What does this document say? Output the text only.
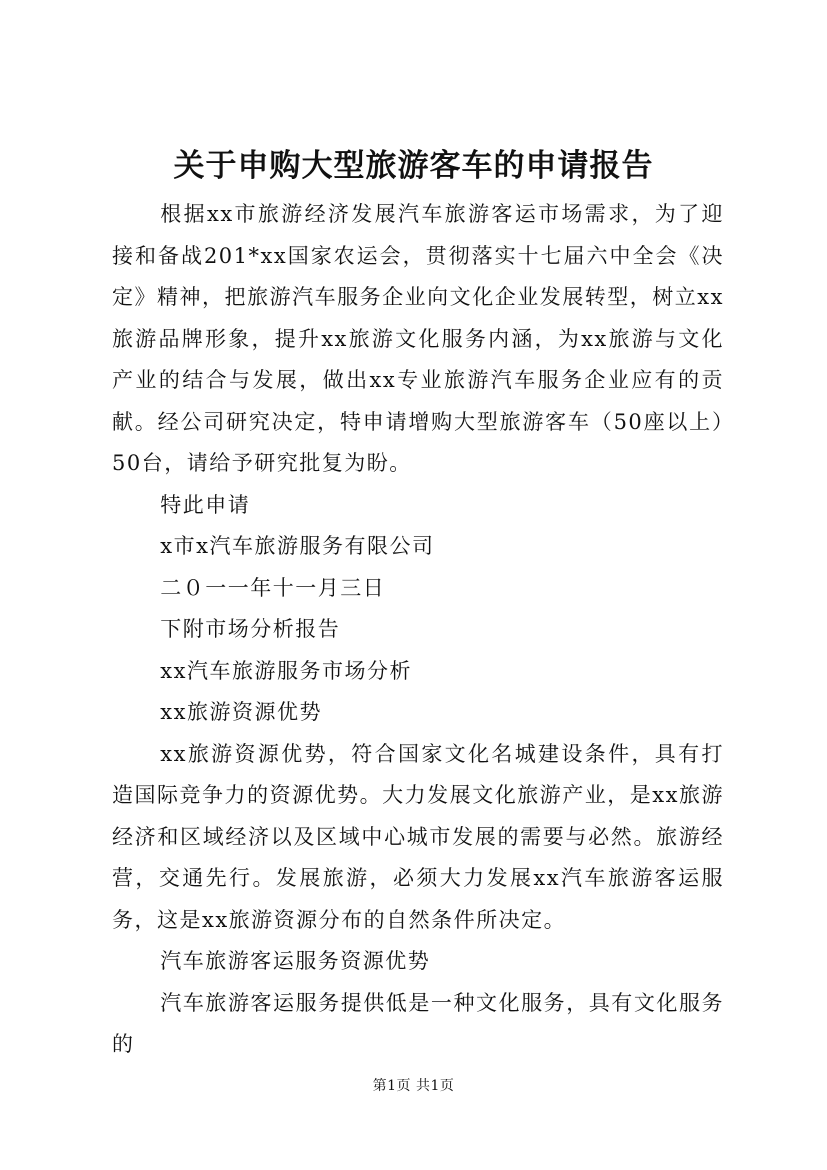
关于申购大型旅游客车的申请报告

根据xx市旅游经济发展汽车旅游客运市场需求，为了迎接和备战201*xx国家农运会，贯彻落实十七届六中全会《决定》精神，把旅游汽车服务企业向文化企业发展转型，树立xx旅游品牌形象，提升xx旅游文化服务内涵，为xx旅游与文化产业的结合与发展，做出xx专业旅游汽车服务企业应有的贡献。经公司研究决定，特申请增购大型旅游客车（50座以上）50台，请给予研究批复为盼。

特此申请

x市x汽车旅游服务有限公司

二０一一年十一月三日

下附市场分析报告

xx汽车旅游服务市场分析

xx旅游资源优势

xx旅游资源优势，符合国家文化名城建设条件，具有打造国际竞争力的资源优势。大力发展文化旅游产业，是xx旅游经济和区域经济以及区域中心城市发展的需要与必然。旅游经营，交通先行。发展旅游，必须大力发展xx汽车旅游客运服务，这是xx旅游资源分布的自然条件所决定。

汽车旅游客运服务资源优势

汽车旅游客运服务提供低是一种文化服务，具有文化服务的

第1页 共1页
